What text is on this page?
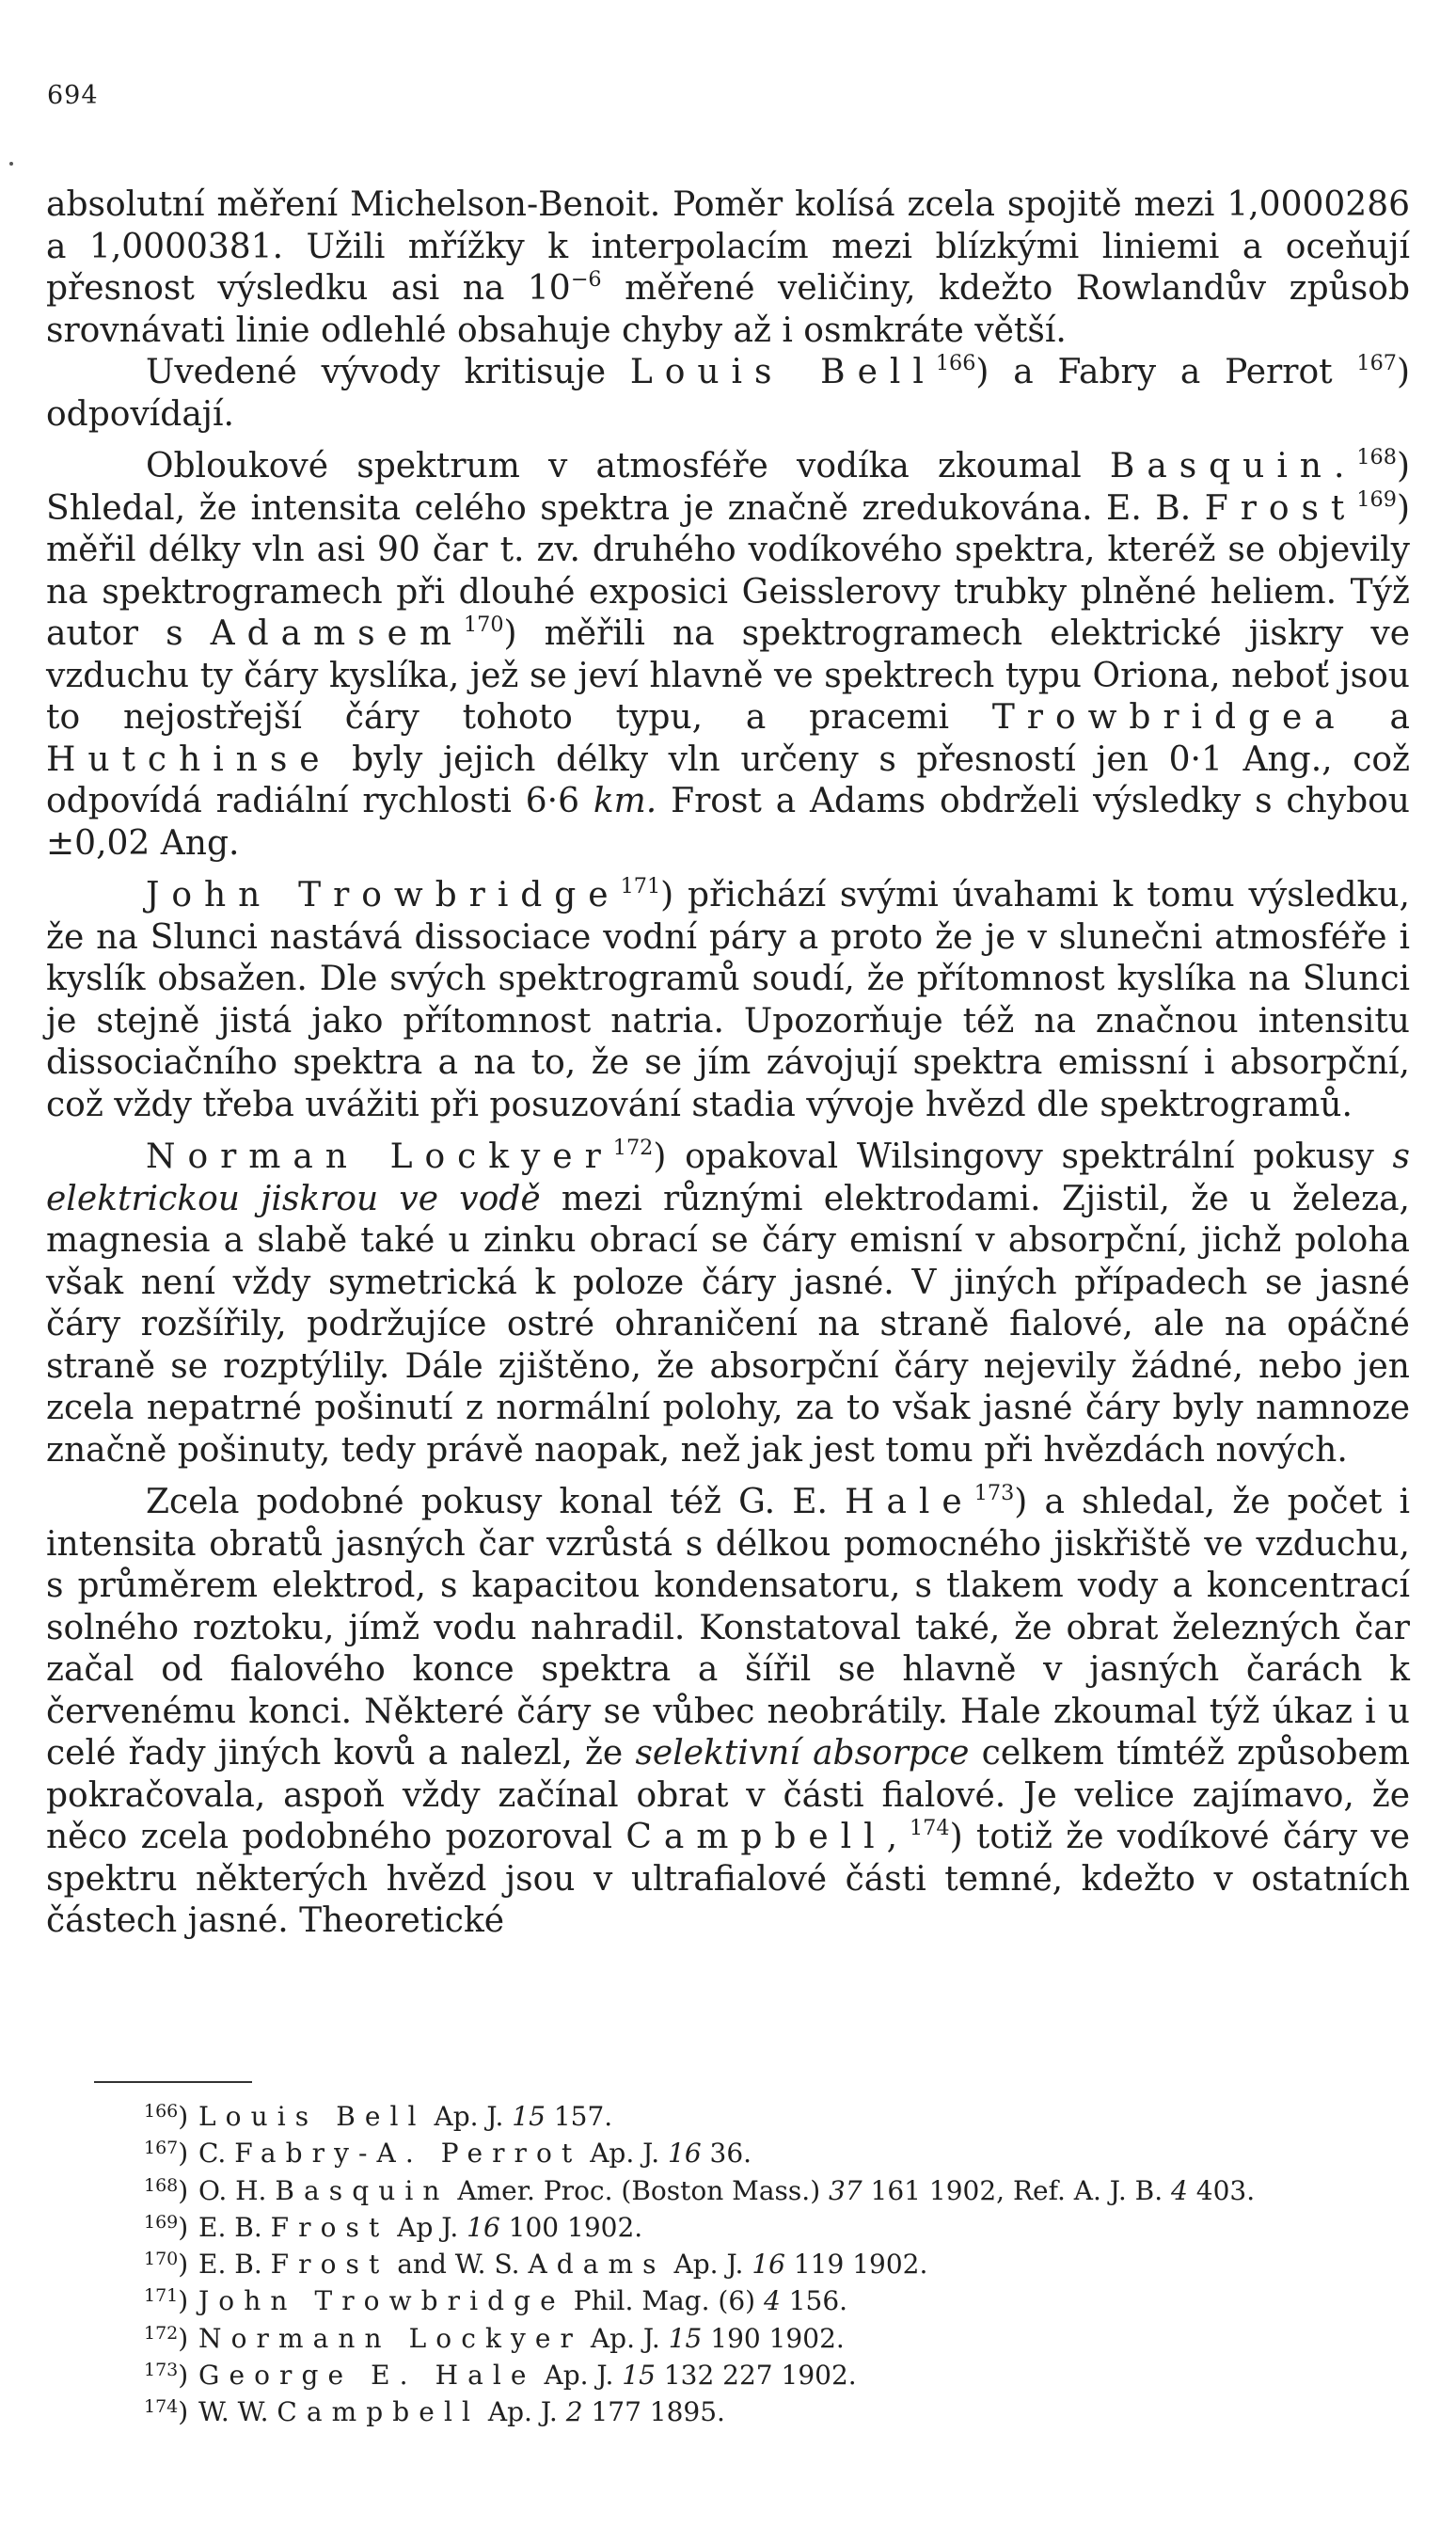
694

absolutní měření Michelson-Benoit. Poměr kolísá zcela spojitě mezi 1,0000286 a 1,0000381. Užili mřížky k interpolacím mezi blízkými liniemi a oceňují přesnost výsledku asi na $10^{-6}$ měřené veličiny, kdežto Rowlandův způsob srovnávati linie odlehlé obsahuje chyby až i osmkráte větší.

Uvedené vývody kritisuje Louis Bell$^{166}$) a Fabry a Perrot $^{167}$) odpovídají.

Obloukové spektrum v atmosféře vodíka zkoumal Basquin.$^{168}$) Shledal, že intensita celého spektra je značně zredukována. E. B. Frost$^{169}$) měřil délky vln asi 90 čar t. zv. druhého vodíkového spektra, kteréž se objevily na spektrogramech při dlouhé exposici Geisslerovy trubky plněné heliem. Týž autor s Adamsem$^{170}$) měřili na spektrogramech elektrické jiskry ve vzduchu ty čáry kyslíka, jež se jeví hlavně ve spektrech typu Oriona, neboť jsou to nejostřejší čáry tohoto typu, a pracemi Trowbridgea a Hutchinse byly jejich délky vln určeny s přesností jen 0·1 Ang., což odpovídá radiální rychlosti 6·6 km. Frost a Adams obdrželi výsledky s chybou ±0,02 Ang.

John Trowbridge$^{171}$) přichází svými úvahami k tomu výsledku, že na Slunci nastává dissociace vodní páry a proto že je v slunečni atmosféře i kyslík obsažen. Dle svých spektrogramů soudí, že přítomnost kyslíka na Slunci je stejně jistá jako přítomnost natria. Upozorňuje též na značnou intensitu dissociačního spektra a na to, že se jím závojují spektra emissní i absorpční, což vždy třeba uvážiti při posuzování stadia vývoje hvězd dle spektrogramů.

Norman Lockyer$^{172}$) opakoval Wilsingovy spektrální pokusy s elektrickou jiskrou ve vodě mezi různými elektrodami. Zjistil, že u železa, magnesia a slabě také u zinku obrací se čáry emisní v absorpční, jichž poloha však není vždy symetrická k poloze čáry jasné. V jiných případech se jasné čáry rozšířily, podržujíce ostré ohraničení na straně fialové, ale na opáčné straně se rozptýlily. Dále zjištěno, že absorpční čáry nejevily žádné, nebo jen zcela nepatrné pošinutí z normální polohy, za to však jasné čáry byly namnoze značně pošinuty, tedy právě naopak, než jak jest tomu při hvězdách nových.

Zcela podobné pokusy konal též G. E. Hale$^{173}$) a shledal, že počet i intensita obratů jasných čar vzrůstá s délkou pomocného jiskřiště ve vzduchu, s průměrem elektrod, s kapacitou kondensatoru, s tlakem vody a koncentrací solného roztoku, jímž vodu nahradil. Konstatoval také, že obrat železných čar začal od fialového konce spektra a šířil se hlavně v jasných čarách k červenému konci. Některé čáry se vůbec neobrátily. Hale zkoumal týž úkaz i u celé řady jiných kovů a nalezl, že selektivní absorpce celkem tímtéž způsobem pokračovala, aspoň vždy začínal obrat v části fialové. Je velice zajímavo, že něco zcela podobného pozoroval Campbell,$^{174}$) totiž že vodíkové čáry ve spektru některých hvězd jsou v ultrafialové části temné, kdežto v ostatních částech jasné. Theoretické

166 ) Louis Bell Ap. J. 15 157.
167 ) C. Fabry-A. Perrot Ap. J. 16 36.
168 ) O. H. Basquin Amer. Proc. (Boston Mass.) 37 161 1902, Ref. A. J. B. 4 403.
169 ) E. B. Frost Ap J. 16 100 1902.
170 ) E. B. Frost and W. S. Adams Ap. J. 16 119 1902.
171 ) John Trowbridge Phil. Mag. (6) 4 156.
172 ) Normann Lockyer Ap. J. 15 190 1902.
173 ) George E. Hale Ap. J. 15 132 227 1902.
174 ) W. W. Campbell Ap. J. 2 177 1895.
